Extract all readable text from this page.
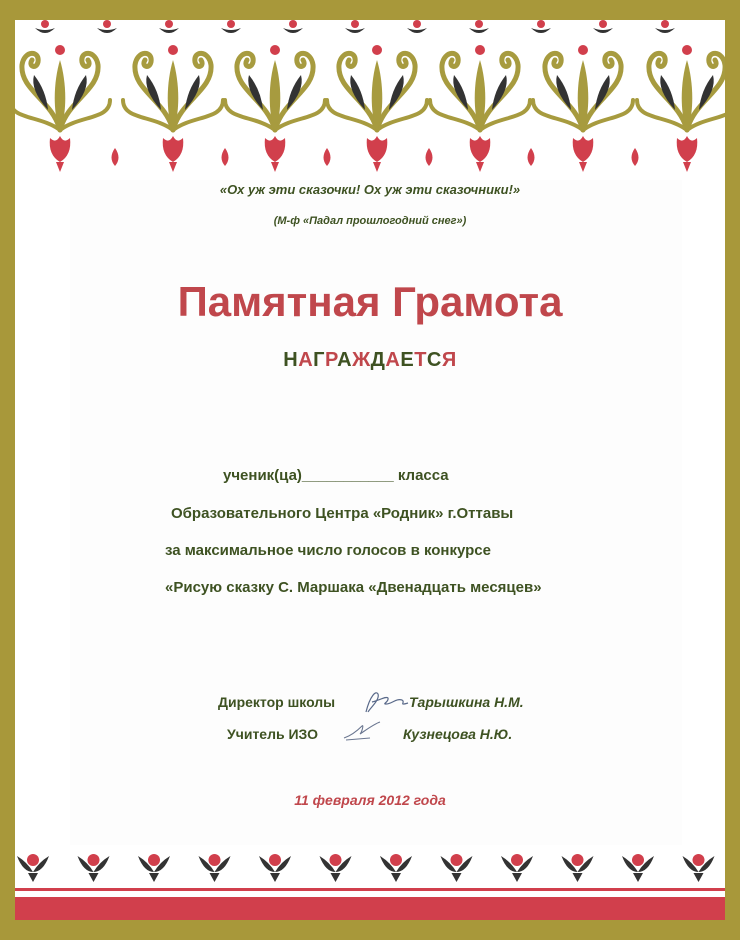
«Ох уж эти сказочки! Ох уж эти сказочники!»
(М-ф «Падал прошлогодний снег»)
Памятная Грамота
НАГРАЖДАЕТСЯ
ученик(ца)___________ класса
Образовательного Центра «Родник» г.Оттавы
за максимальное число голосов в конкурсе
«Рисую сказку С. Маршака «Двенадцать месяцев»
Директор школы	Тарышкина Н.М.
Учитель ИЗО	Кузнецова Н.Ю.
11 февраля 2012 года
